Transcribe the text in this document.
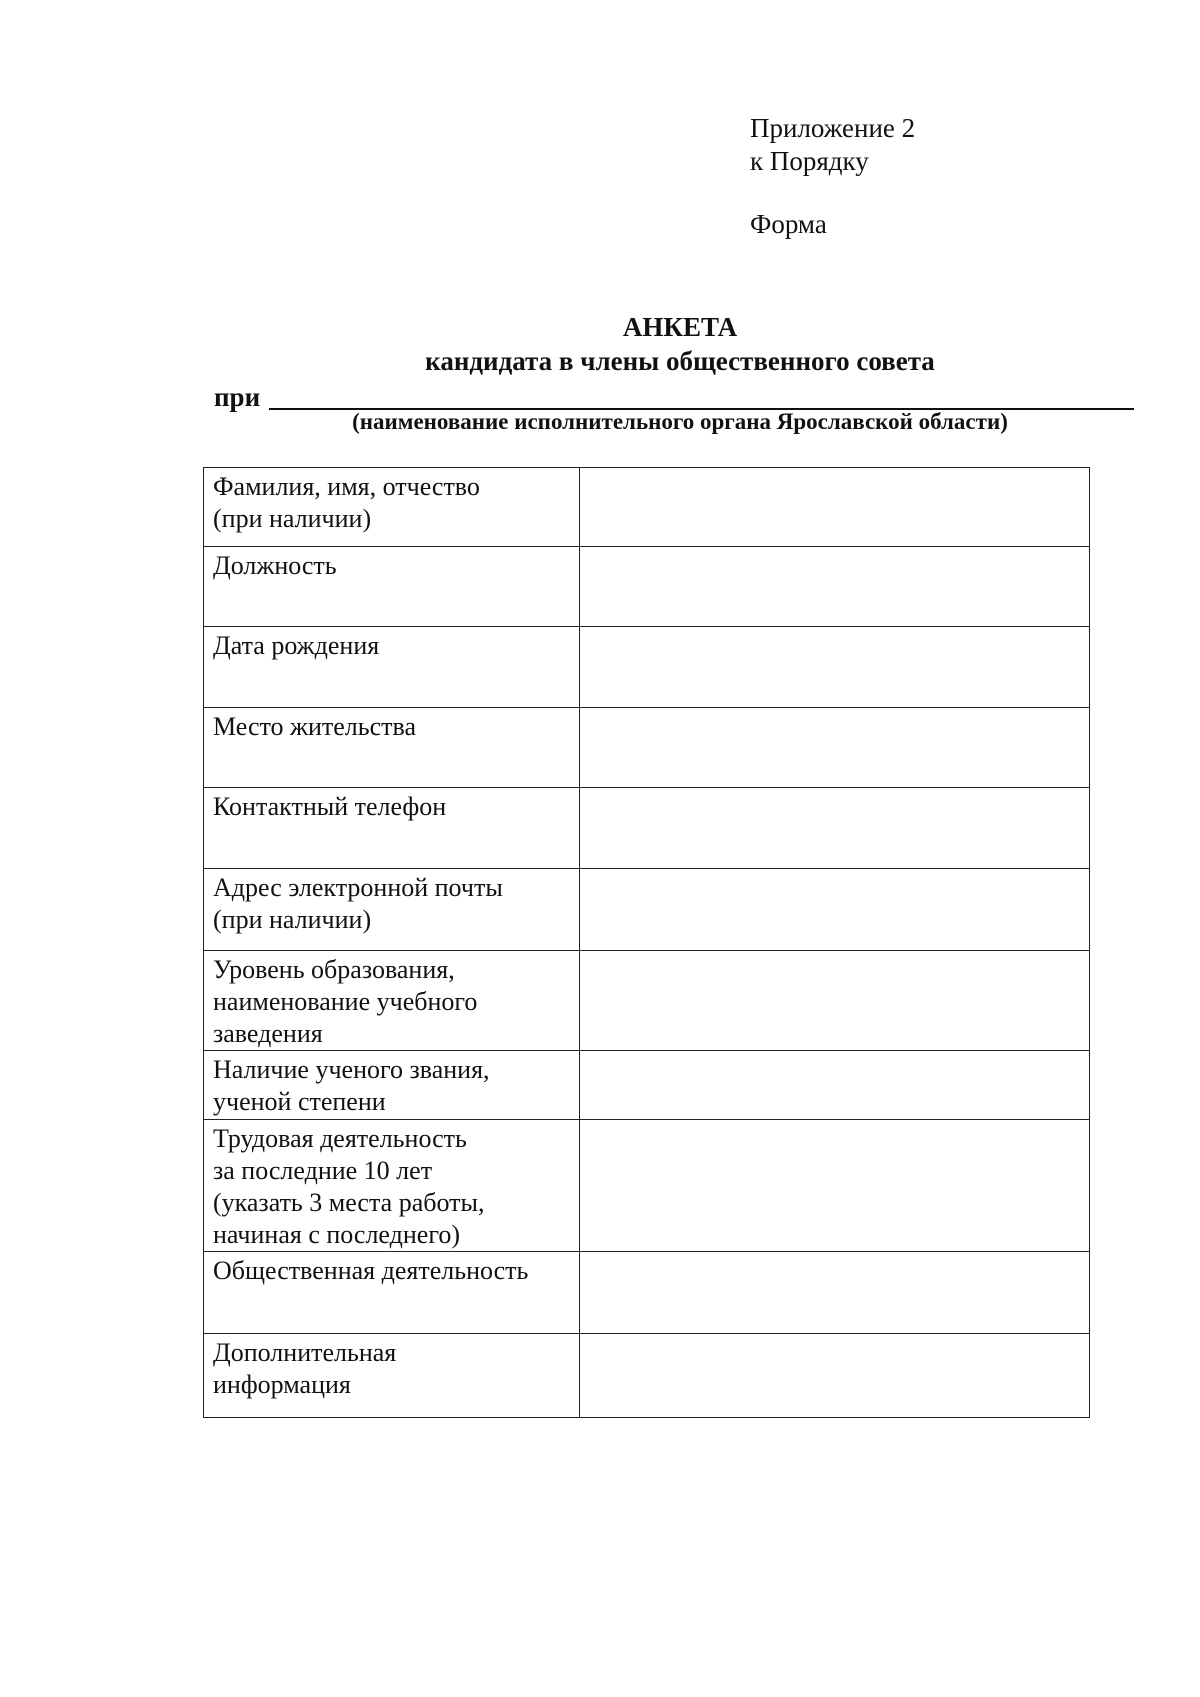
Приложение 2
к Порядку
Форма
АНКЕТА
кандидата в члены общественного совета
при
(наименование исполнительного органа Ярославской области)
Фамилия, имя, отчество
(при наличии)	

Должность	

Дата рождения	

Место жительства	

Контактный телефон	

Адрес электронной почты
(при наличии)	

Уровень образования,
наименование учебного
заведения	

Наличие ученого звания,
ученой степени	

Трудовая деятельность
за последние 10 лет
(указать 3 места работы,
начиная с последнего)	

Общественная деятельность	

Дополнительная
информация	
